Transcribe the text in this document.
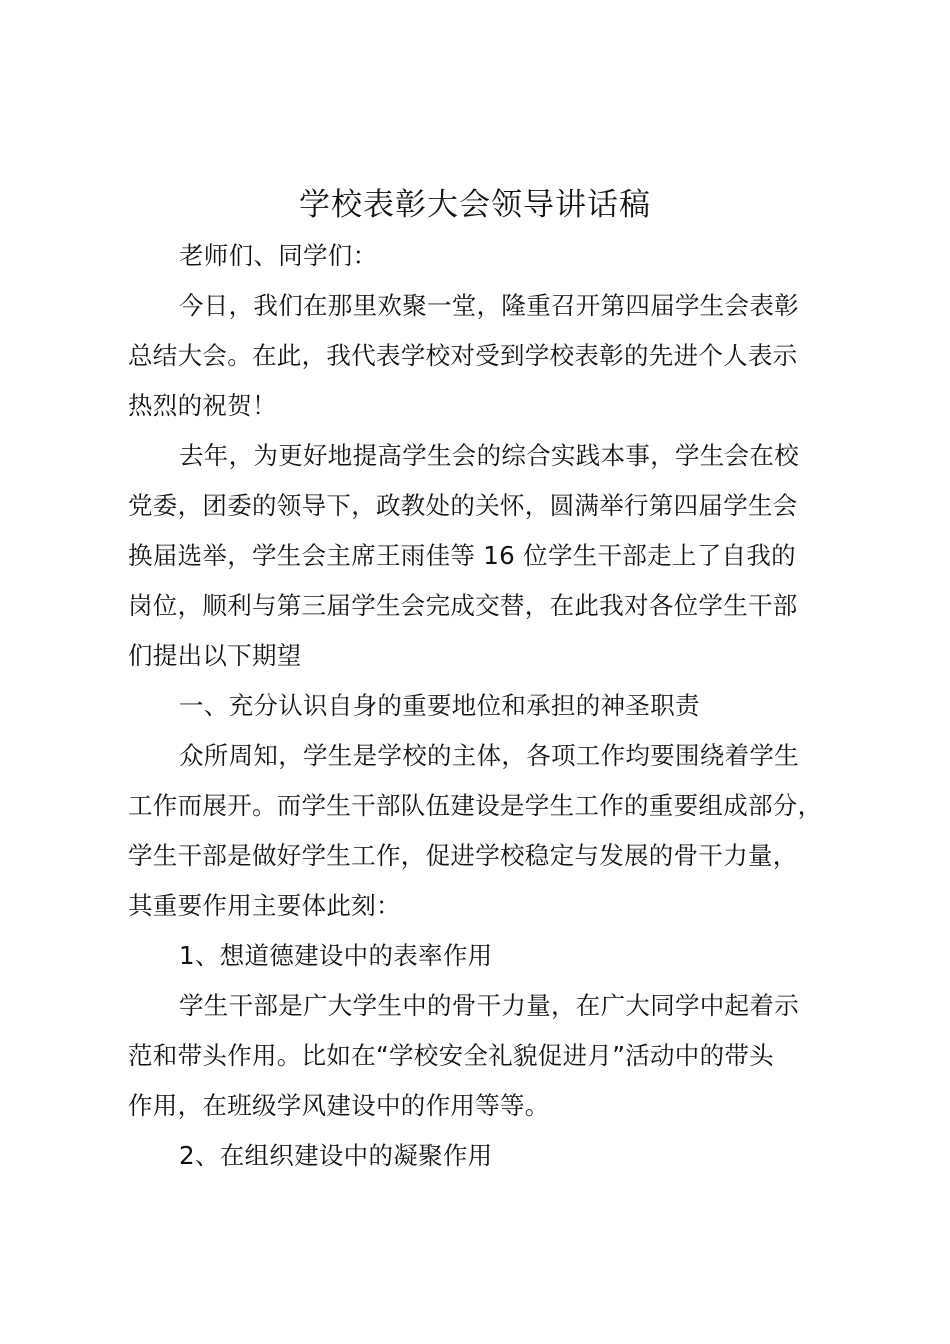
学校表彰大会领导讲话稿

老师们、同学们：

今日，我们在那里欢聚一堂，隆重召开第四届学生会表彰
总结大会。在此，我代表学校对受到学校表彰的先进个人表示
热烈的祝贺！

去年，为更好地提高学生会的综合实践本事，学生会在校
党委，团委的领导下，政教处的关怀，圆满举行第四届学生会
换届选举，学生会主席王雨佳等 16 位学生干部走上了自我的
岗位，顺利与第三届学生会完成交替，在此我对各位学生干部
们提出以下期望

一、充分认识自身的重要地位和承担的神圣职责

众所周知，学生是学校的主体，各项工作均要围绕着学生
工作而展开。而学生干部队伍建设是学生工作的重要组成部分，
学生干部是做好学生工作，促进学校稳定与发展的骨干力量，
其重要作用主要体此刻：

1、想道德建设中的表率作用

学生干部是广大学生中的骨干力量，在广大同学中起着示
范和带头作用。比如在“学校安全礼貌促进月”活动中的带头
作用，在班级学风建设中的作用等等。

2、在组织建设中的凝聚作用
